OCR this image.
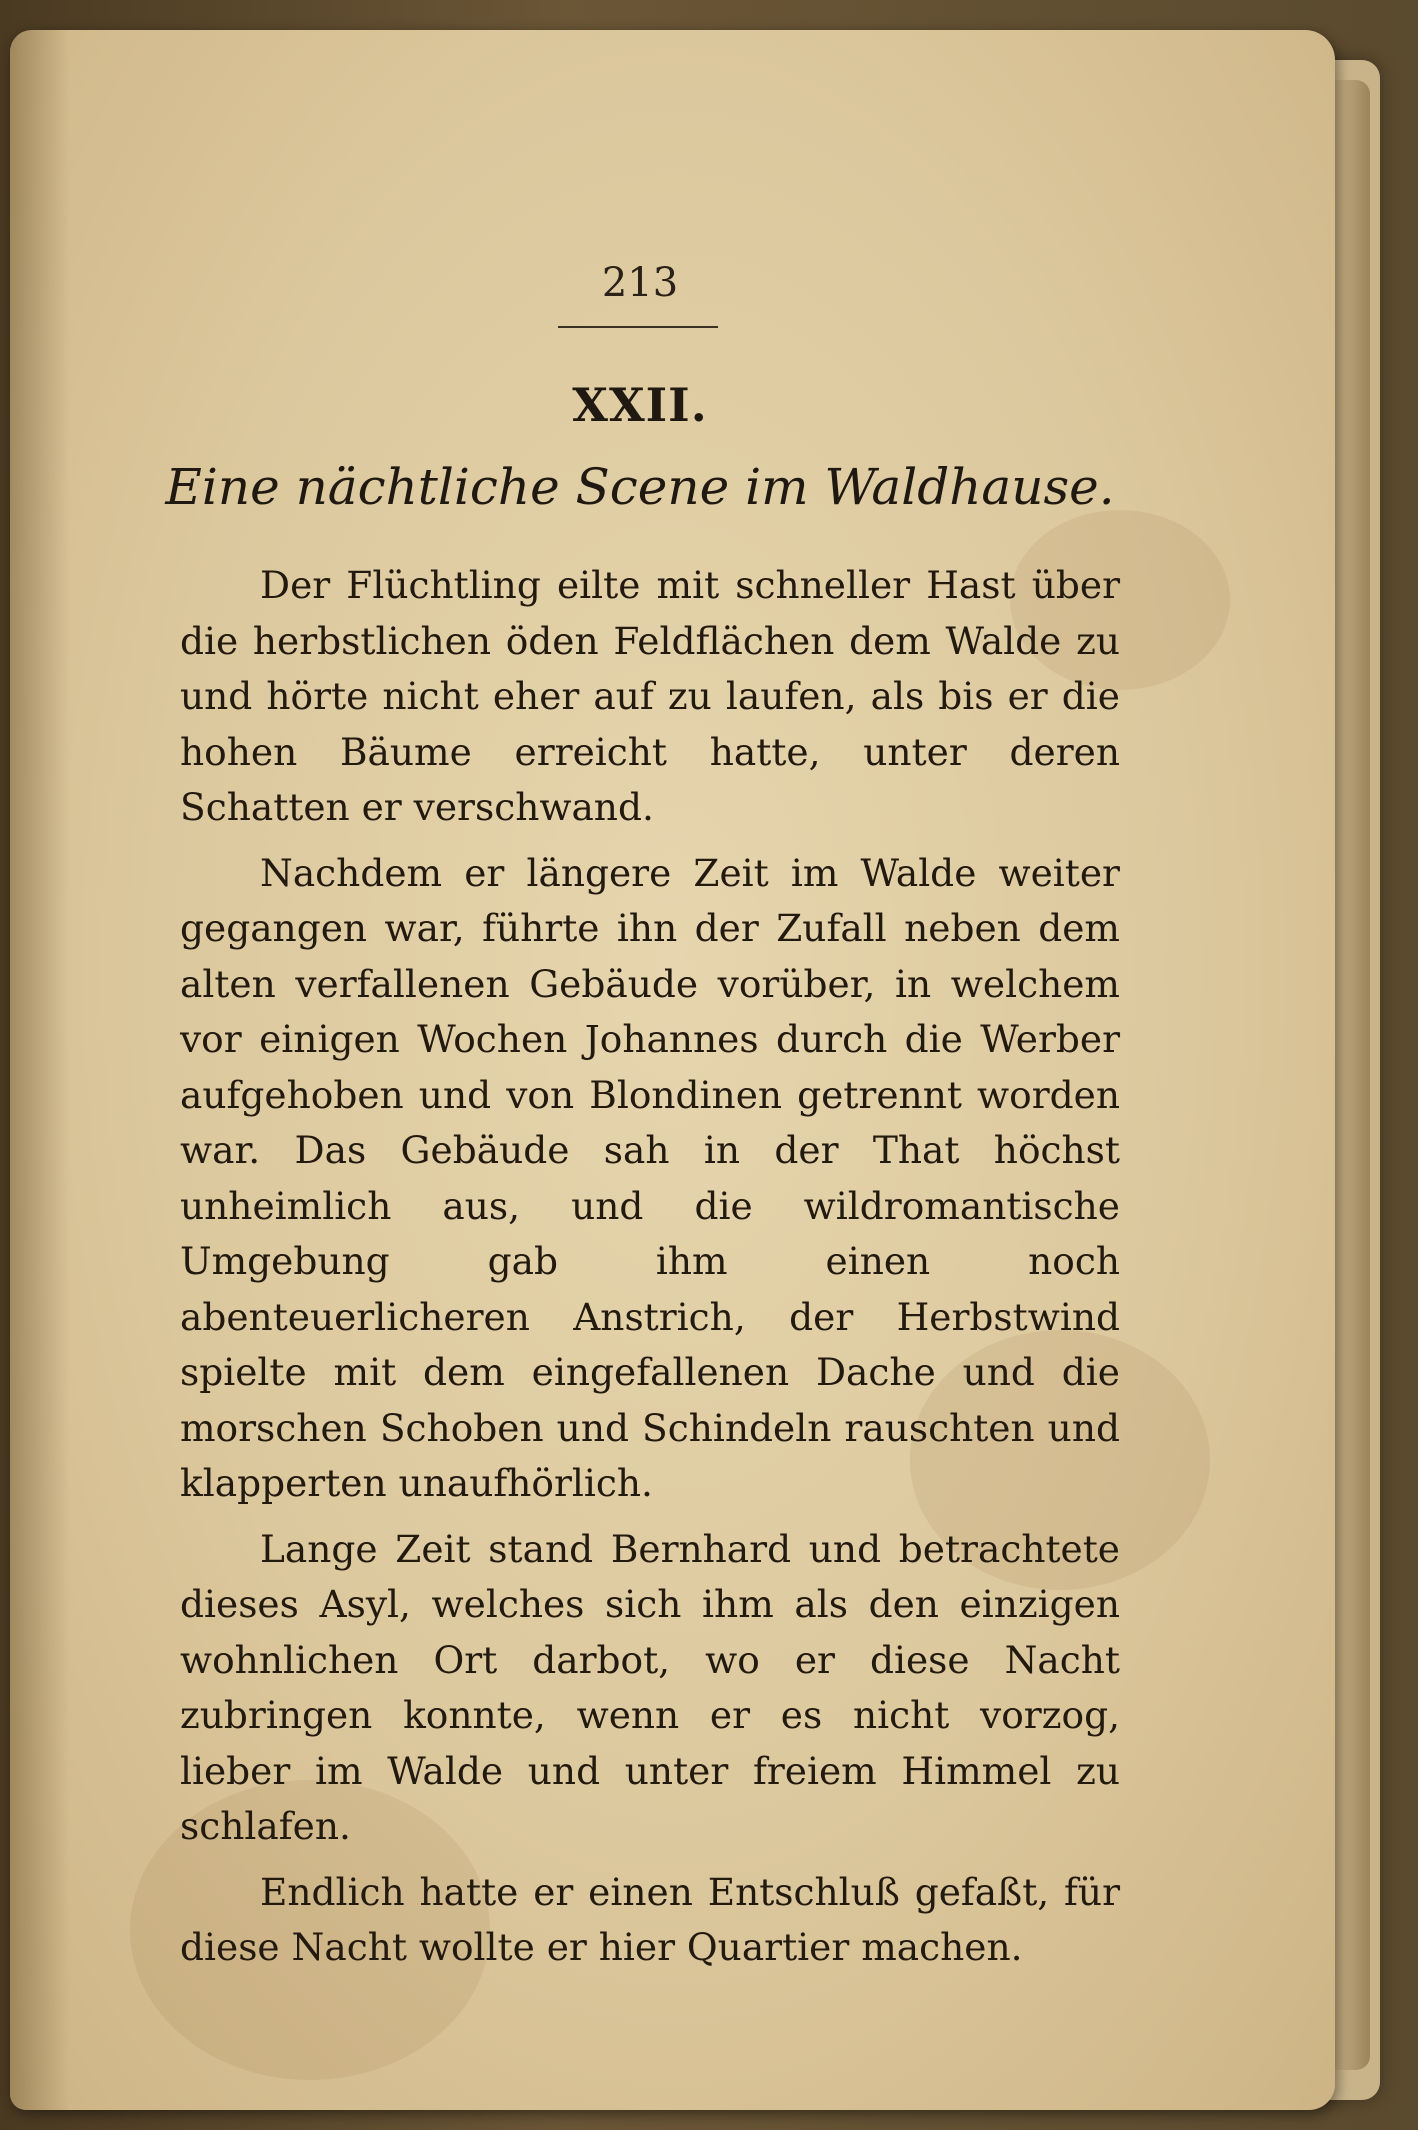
213
XXII.
Eine nächtliche Scene im Waldhause.

Der Flüchtling eilte mit schneller Hast über die herbstlichen öden Feldflächen dem Walde zu und hörte nicht eher auf zu laufen, als bis er die hohen Bäume erreicht hatte, unter deren Schatten er verschwand.

Nachdem er längere Zeit im Walde weiter gegangen war, führte ihn der Zufall neben dem alten verfallenen Gebäude vorüber, in welchem vor einigen Wochen Johannes durch die Werber aufgehoben und von Blondinen getrennt worden war. Das Gebäude sah in der That höchst unheimlich aus, und die wildromantische Umgebung gab ihm einen noch abenteuerlicheren Anstrich, der Herbstwind spielte mit dem eingefallenen Dache und die morschen Schoben und Schindeln rauschten und klapperten unaufhörlich.

Lange Zeit stand Bernhard und betrachtete dieses Asyl, welches sich ihm als den einzigen wohnlichen Ort darbot, wo er diese Nacht zubringen konnte, wenn er es nicht vorzog, lieber im Walde und unter freiem Himmel zu schlafen.

Endlich hatte er einen Entschluß gefaßt, für diese Nacht wollte er hier Quartier machen.
